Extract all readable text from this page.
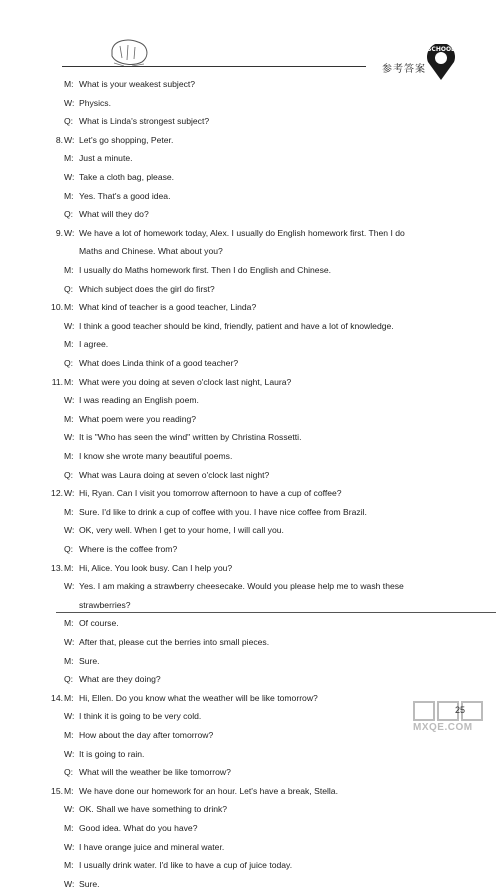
参考答案
SCHOOL
M: What is your weakest subject?
W: Physics.
Q: What is Linda's strongest subject?
8. W: Let's go shopping, Peter.
M: Just a minute.
W: Take a cloth bag, please.
M: Yes. That's a good idea.
Q: What will they do?
9. W: We have a lot of homework today, Alex. I usually do English homework first. Then I do
Maths and Chinese. What about you?
M: I usually do Maths homework first. Then I do English and Chinese.
Q: Which subject does the girl do first?
10. M: What kind of teacher is a good teacher, Linda?
W: I think a good teacher should be kind, friendly, patient and have a lot of knowledge.
M: I agree.
Q: What does Linda think of a good teacher?
11. M: What were you doing at seven o'clock last night, Laura?
W: I was reading an English poem.
M: What poem were you reading?
W: It is "Who has seen the wind" written by Christina Rossetti.
M: I know she wrote many beautiful poems.
Q: What was Laura doing at seven o'clock last night?
12. W: Hi, Ryan. Can I visit you tomorrow afternoon to have a cup of coffee?
M: Sure. I'd like to drink a cup of coffee with you. I have nice coffee from Brazil.
W: OK, very well. When I get to your home, I will call you.
Q: Where is the coffee from?
13. M: Hi, Alice. You look busy. Can I help you?
W: Yes. I am making a strawberry cheesecake. Would you please help me to wash these
strawberries?
M: Of course.
W: After that, please cut the berries into small pieces.
M: Sure.
Q: What are they doing?
14. M: Hi, Ellen. Do you know what the weather will be like tomorrow?
W: I think it is going to be very cold.
M: How about the day after tomorrow?
W: It is going to rain.
Q: What will the weather be like tomorrow?
15. M: We have done our homework for an hour. Let's have a break, Stella.
W: OK. Shall we have something to drink?
M: Good idea. What do you have?
W: I have orange juice and mineral water.
M: I usually drink water. I'd like to have a cup of juice today.
W: Sure.
25
MXQE.COM
